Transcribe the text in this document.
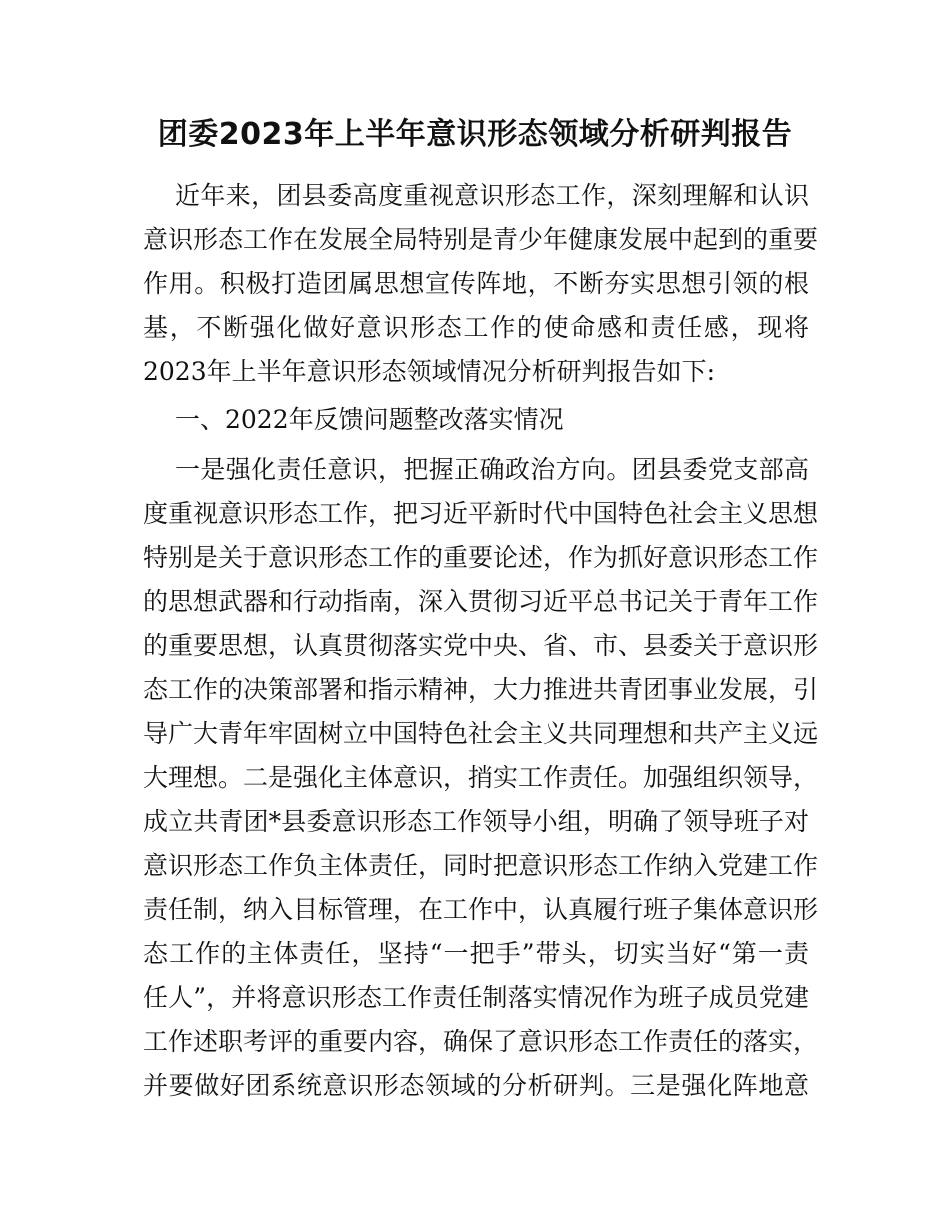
团委2023年上半年意识形态领域分析研判报告

近年来，团县委高度重视意识形态工作，深刻理解和认识

意识形态工作在发展全局特别是青少年健康发展中起到的重要

作用。积极打造团属思想宣传阵地，不断夯实思想引领的根

基，不断强化做好意识形态工作的使命感和责任感，现将

2023年上半年意识形态领域情况分析研判报告如下:

一、2022年反馈问题整改落实情况

一是强化责任意识，把握正确政治方向。团县委党支部高

度重视意识形态工作，把习近平新时代中国特色社会主义思想

特别是关于意识形态工作的重要论述，作为抓好意识形态工作

的思想武器和行动指南，深入贯彻习近平总书记关于青年工作

的重要思想，认真贯彻落实党中央、省、市、县委关于意识形

态工作的决策部署和指示精神，大力推进共青团事业发展，引

导广大青年牢固树立中国特色社会主义共同理想和共产主义远

大理想。二是强化主体意识，捎实工作责任。加强组织领导，

成立共青团*县委意识形态工作领导小组，明确了领导班子对

意识形态工作负主体责任，同时把意识形态工作纳入党建工作

责任制，纳入目标管理，在工作中，认真履行班子集体意识形

态工作的主体责任，坚持“一把手”带头，切实当好“第一责

任人”，并将意识形态工作责任制落实情况作为班子成员党建

工作述职考评的重要内容，确保了意识形态工作责任的落实，

并要做好团系统意识形态领域的分析研判。三是强化阵地意
